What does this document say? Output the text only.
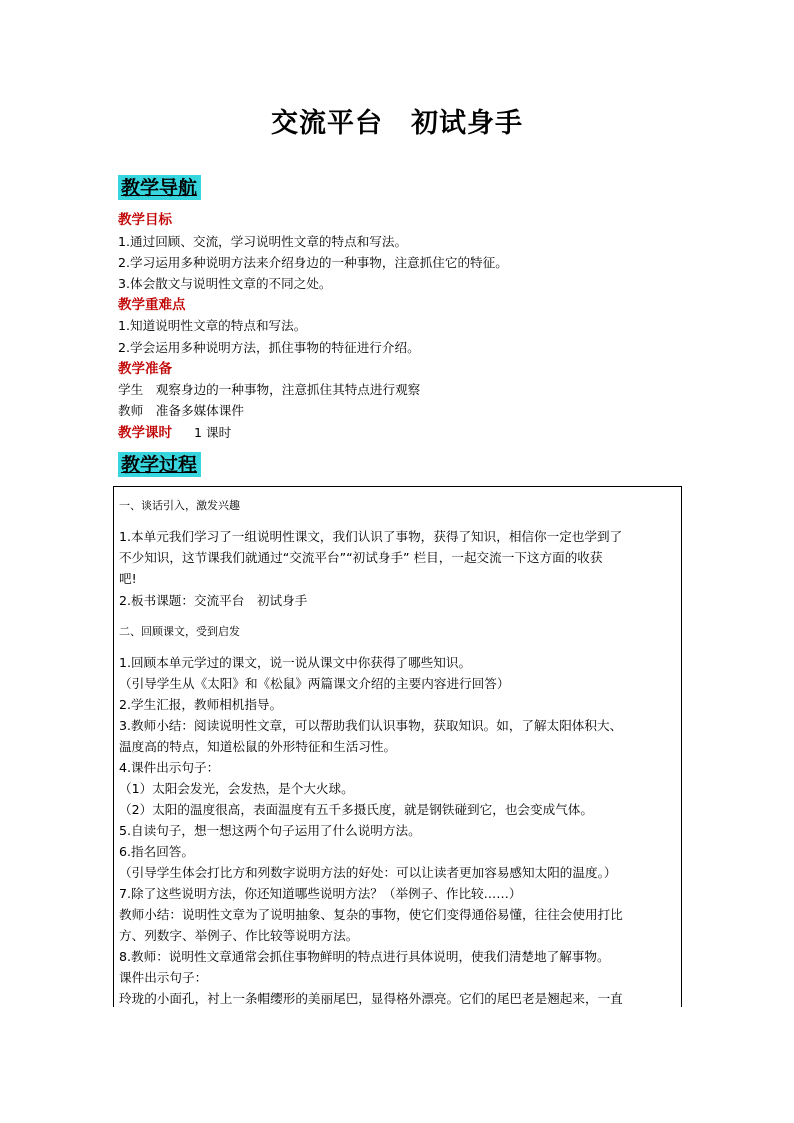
交流平台　初试身手
教学导航
教学目标
1.通过回顾、交流，学习说明性文章的特点和写法。
2.学习运用多种说明方法来介绍身边的一种事物，注意抓住它的特征。
3.体会散文与说明性文章的不同之处。
教学重难点
1.知道说明性文章的特点和写法。
2.学会运用多种说明方法，抓住事物的特征进行介绍。
教学准备
学生　观察身边的一种事物，注意抓住其特点进行观察
教师　准备多媒体课件
教学课时 1 课时
教学过程
一、谈话引入，激发兴趣
1.本单元我们学习了一组说明性课文，我们认识了事物，获得了知识，相信你一定也学到了
不少知识，这节课我们就通过“交流平台”“初试身手” 栏目，一起交流一下这方面的收获
吧!
2.板书课题：交流平台　初试身手
二、回顾课文，受到启发
1.回顾本单元学过的课文，说一说从课文中你获得了哪些知识。
（引导学生从《太阳》和《松鼠》两篇课文介绍的主要内容进行回答）
2.学生汇报，教师相机指导。
3.教师小结：阅读说明性文章，可以帮助我们认识事物，获取知识。如，了解太阳体积大、
温度高的特点，知道松鼠的外形特征和生活习性。
4.课件出示句子：
（1）太阳会发光，会发热，是个大火球。
（2）太阳的温度很高，表面温度有五千多摄氏度，就是钢铁碰到它，也会变成气体。
5.自读句子，想一想这两个句子运用了什么说明方法。
6.指名回答。
（引导学生体会打比方和列数字说明方法的好处：可以让读者更加容易感知太阳的温度。）
7.除了这些说明方法，你还知道哪些说明方法？（举例子、作比较……）
教师小结：说明性文章为了说明抽象、复杂的事物，使它们变得通俗易懂，往往会使用打比
方、列数字、举例子、作比较等说明方法。
8.教师：说明性文章通常会抓住事物鲜明的特点进行具体说明，使我们清楚地了解事物。
课件出示句子：
玲珑的小面孔，衬上一条帽缨形的美丽尾巴，显得格外漂亮。它们的尾巴老是翘起来，一直
